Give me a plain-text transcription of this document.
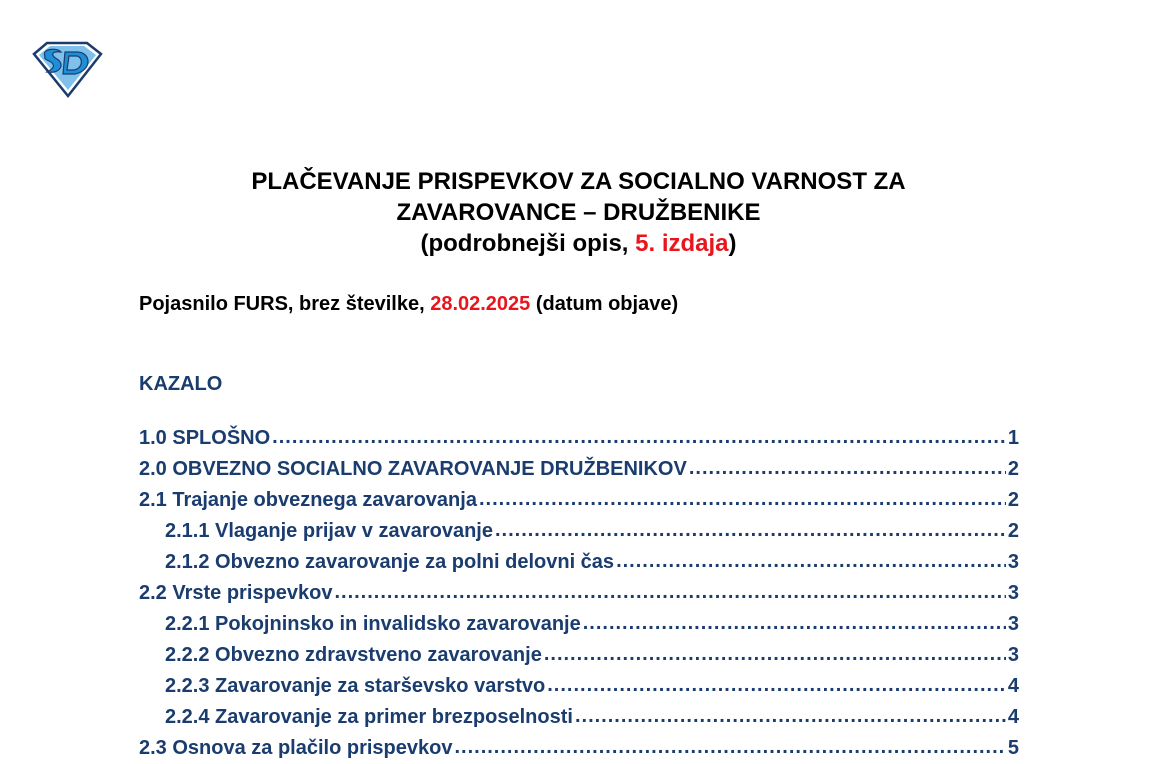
PLAČEVANJE PRISPEVKOV ZA SOCIALNO VARNOST ZA
ZAVAROVANCE – DRUŽBENIKE
(podrobnejši opis, 5. izdaja)
Pojasnilo FURS, brez številke, 28.02.2025 (datum objave)
KAZALO
1.0 SPLOŠNO .....	1
2.0 OBVEZNO SOCIALNO ZAVAROVANJE DRUŽBENIKOV .....	2
2.1 Trajanje obveznega zavarovanja .....	2
2.1.1 Vlaganje prijav v zavarovanje .....	2
2.1.2 Obvezno zavarovanje za polni delovni čas .....	3
2.2 Vrste prispevkov .....	3
2.2.1 Pokojninsko in invalidsko zavarovanje .....	3
2.2.2 Obvezno zdravstveno zavarovanje .....	3
2.2.3 Zavarovanje za starševsko varstvo .....	4
2.2.4 Zavarovanje za primer brezposelnosti .....	4
2.3 Osnova za plačilo prispevkov .....	5
